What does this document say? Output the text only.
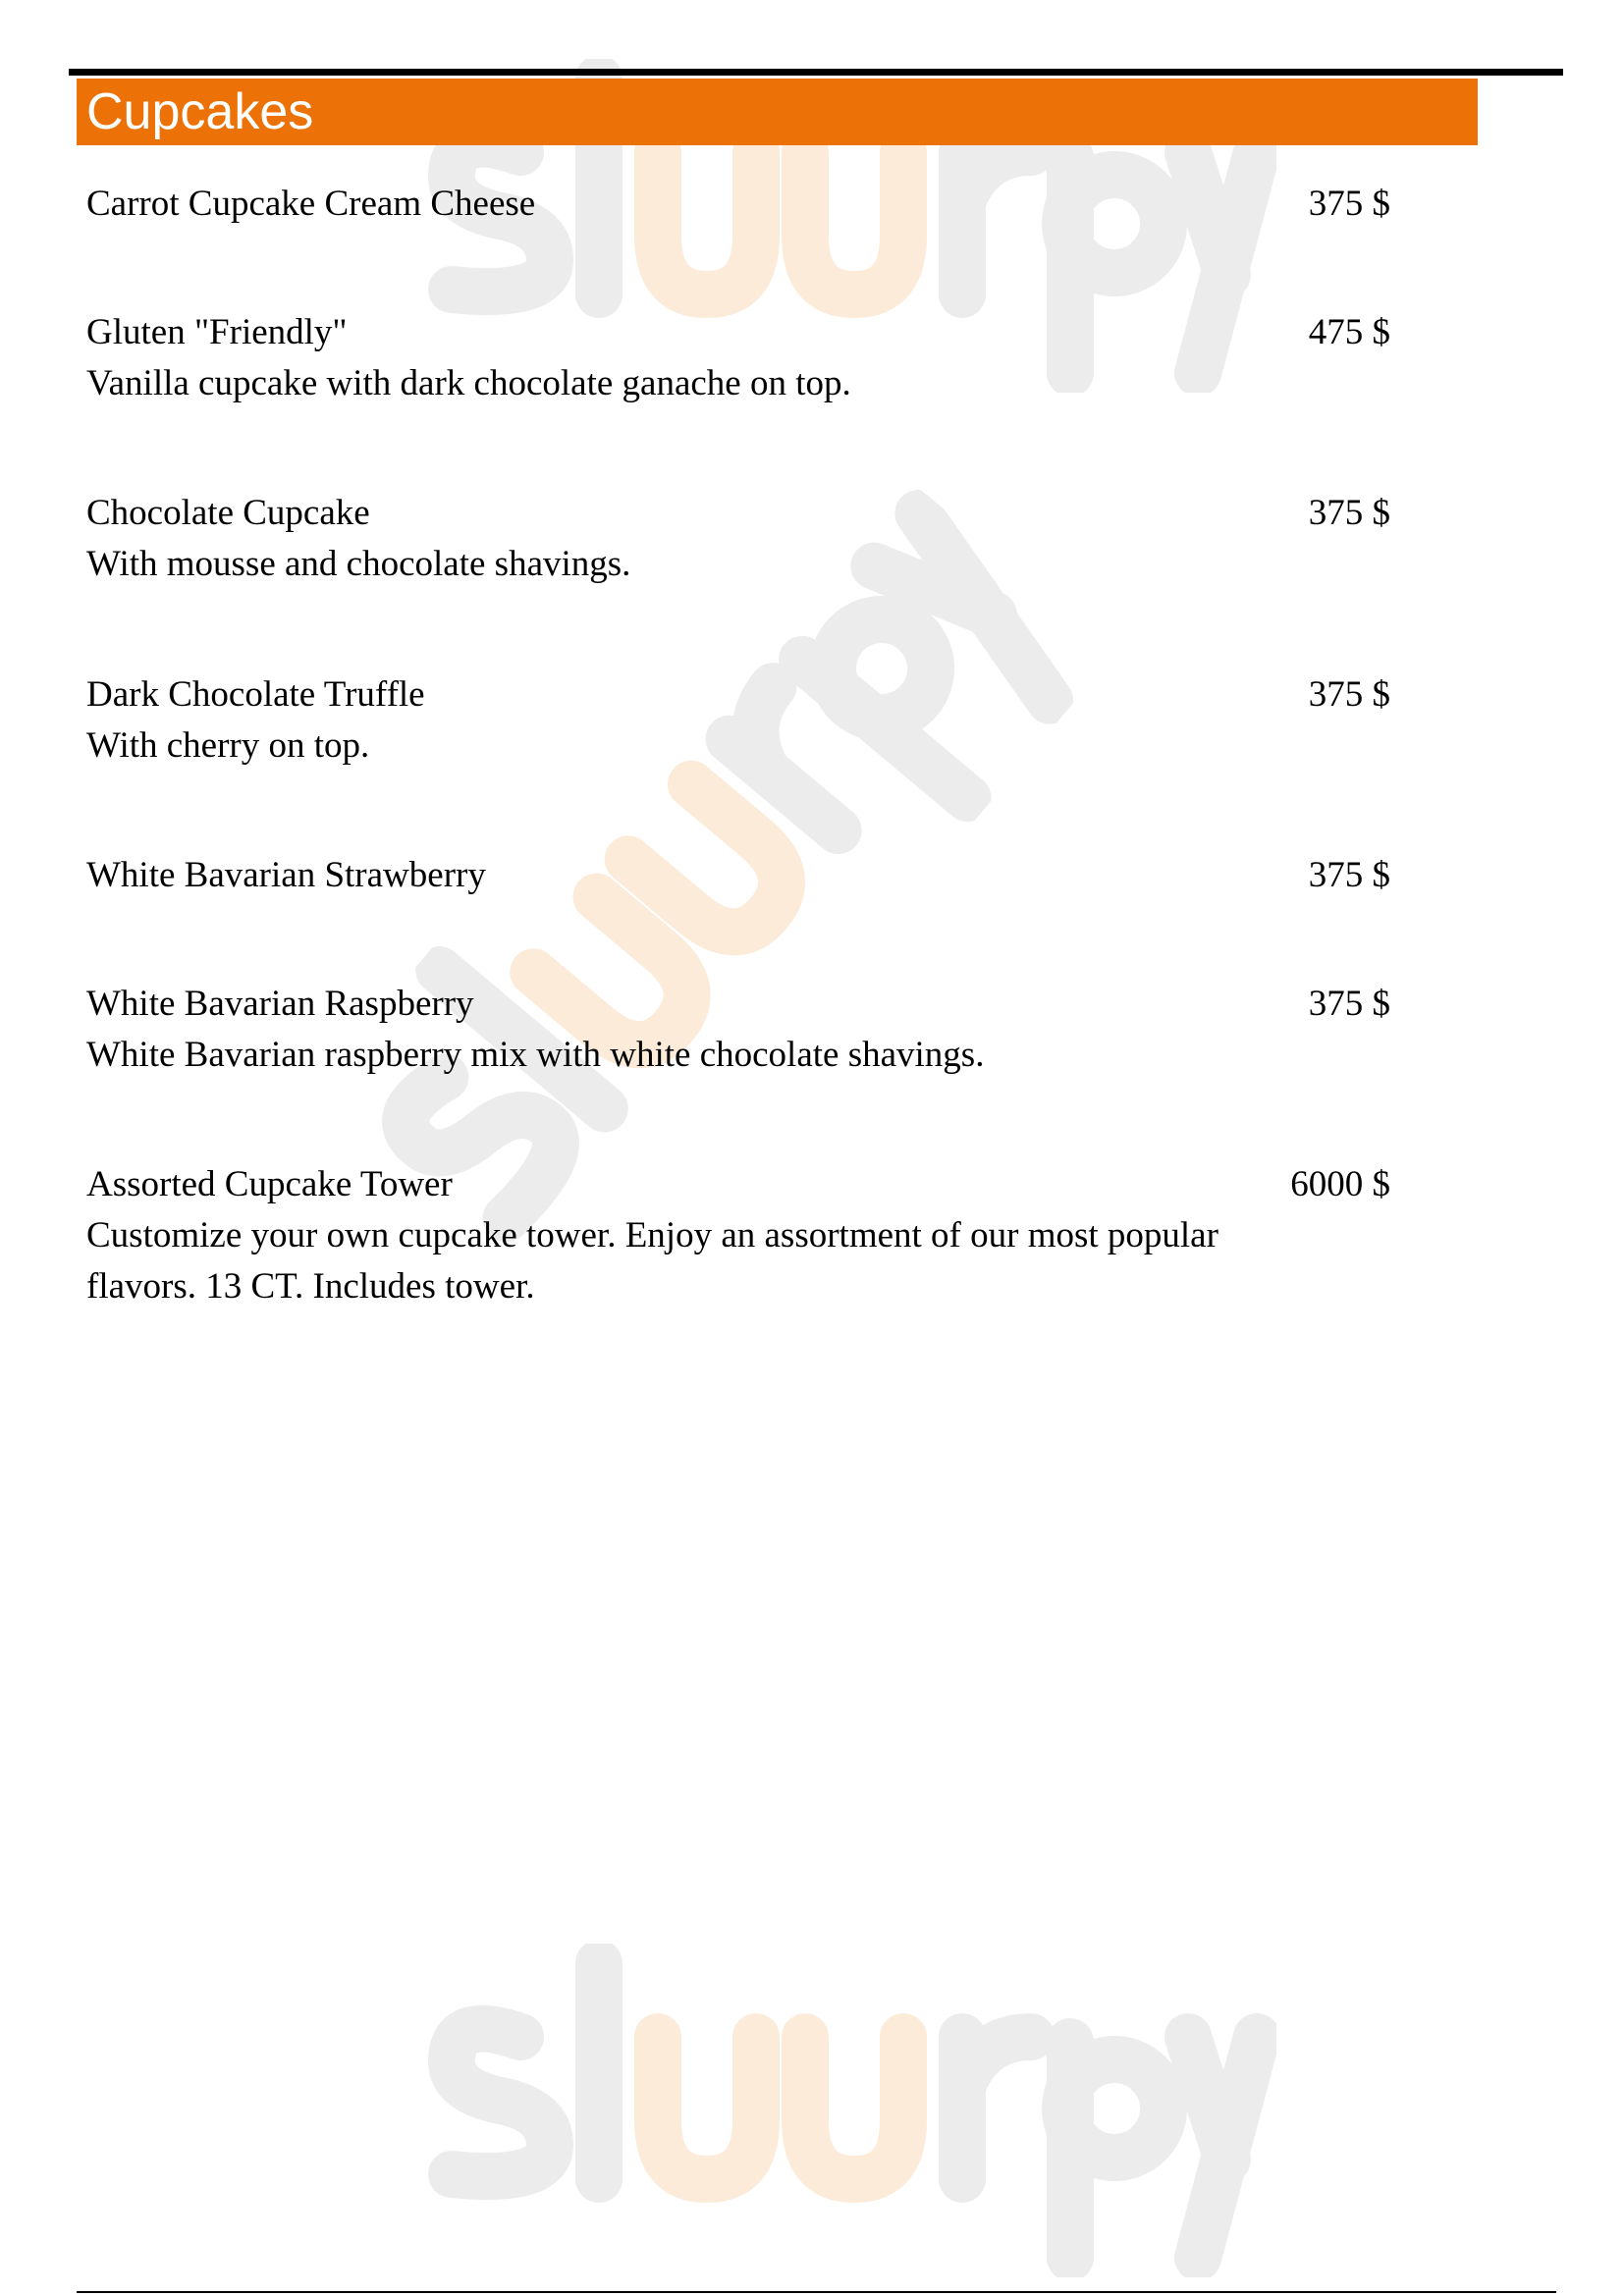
Cupcakes
Carrot Cupcake Cream Cheese	375 $
Gluten "Friendly"	475 $
Vanilla cupcake with dark chocolate ganache on top.
Chocolate Cupcake	375 $
With mousse and chocolate shavings.
Dark Chocolate Truffle	375 $
With cherry on top.
White Bavarian Strawberry	375 $
White Bavarian Raspberry	375 $
White Bavarian raspberry mix with white chocolate shavings.
Assorted Cupcake Tower	6000 $
Customize your own cupcake tower. Enjoy an assortment of our most popular flavors. 13 CT. Includes tower.
